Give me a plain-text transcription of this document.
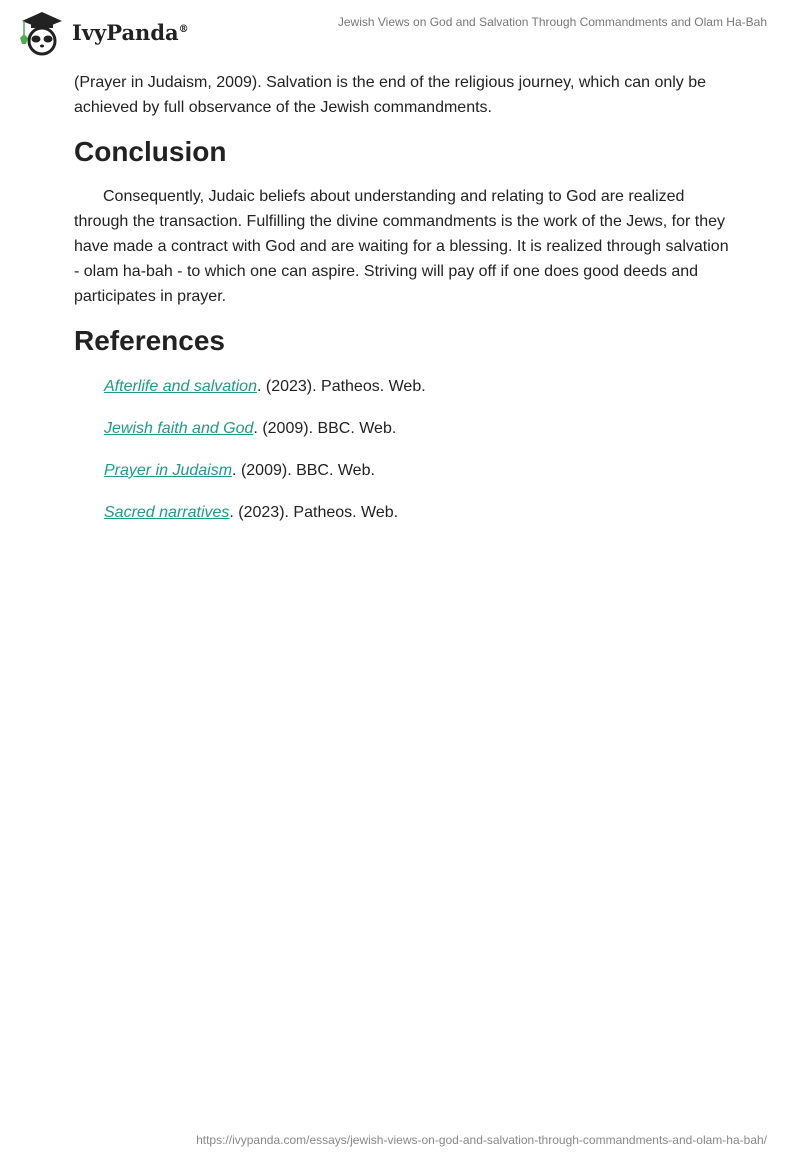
IvyPanda®	Jewish Views on God and Salvation Through Commandments and Olam Ha-Bah

(Prayer in Judaism, 2009). Salvation is the end of the religious journey, which can only be achieved by full observance of the Jewish commandments.

Conclusion

Consequently, Judaic beliefs about understanding and relating to God are realized through the transaction. Fulfilling the divine commandments is the work of the Jews, for they have made a contract with God and are waiting for a blessing. It is realized through salvation - olam ha-bah - to which one can aspire. Striving will pay off if one does good deeds and participates in prayer.

References
Afterlife and salvation. (2023). Patheos. Web.
Jewish faith and God. (2009). BBC. Web.
Prayer in Judaism. (2009). BBC. Web.
Sacred narratives. (2023). Patheos. Web.
https://ivypanda.com/essays/jewish-views-on-god-and-salvation-through-commandments-and-olam-ha-bah/
